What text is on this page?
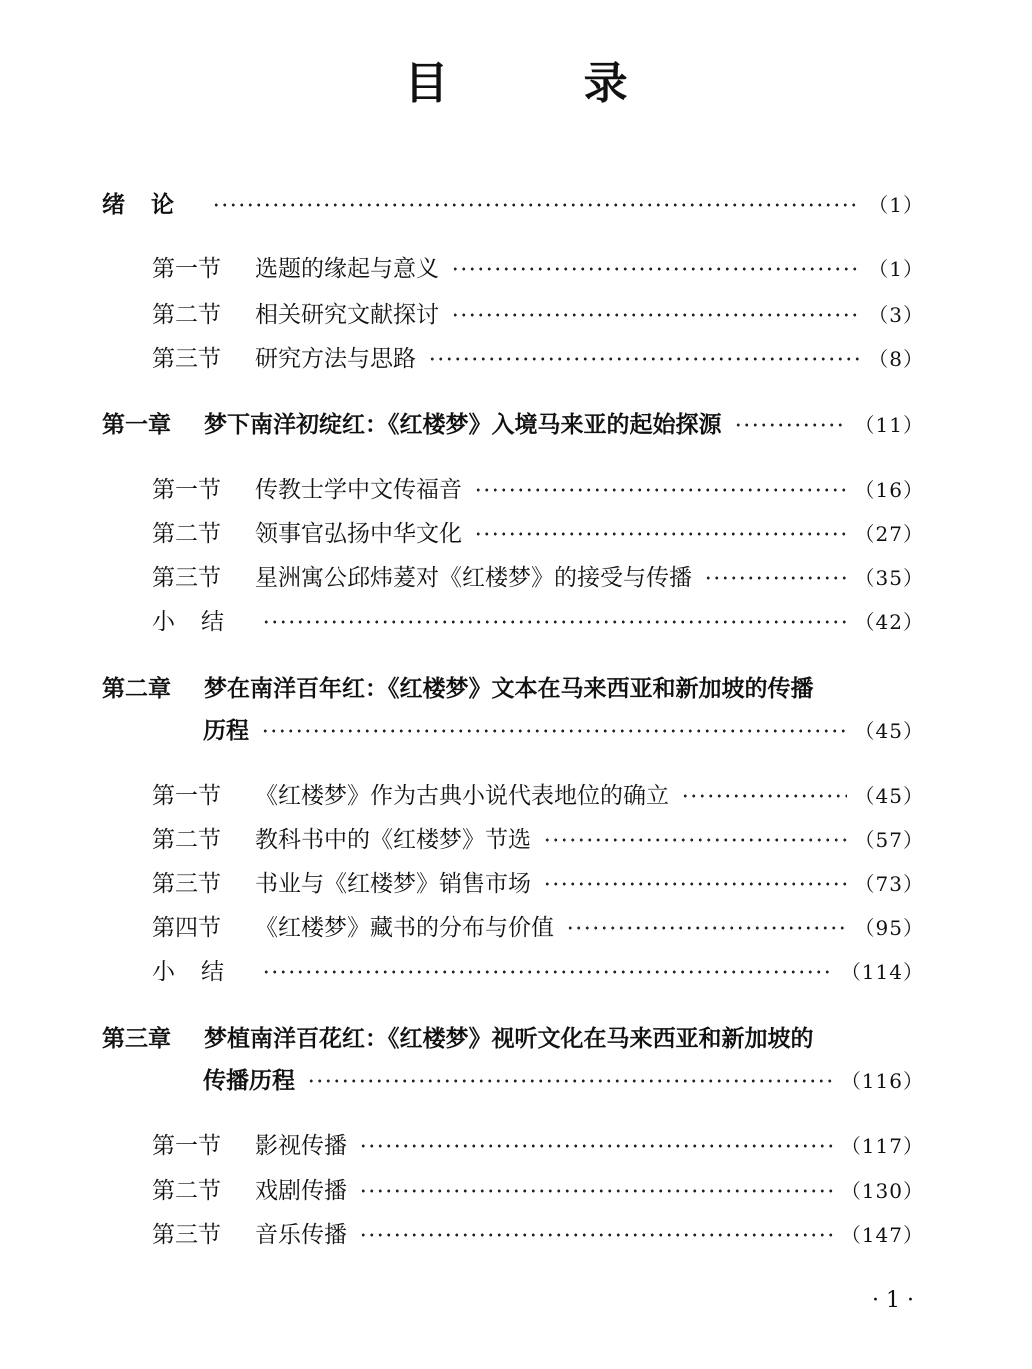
目 录
绪论	（1）
第一节	选题的缘起与意义	（1）
第二节	相关研究文献探讨	（3）
第三节	研究方法与思路	（8）
第一章	梦下南洋初绽红：《红楼梦》入境马来亚的起始探源	（11）
第一节	传教士学中文传福音	（16）
第二节	领事官弘扬中华文化	（27）
第三节	星洲寓公邱炜萲对《红楼梦》的接受与传播	（35）
小结	（42）
第二章	梦在南洋百年红：《红楼梦》文本在马来西亚和新加坡的传播
历程	（45）
第一节	《红楼梦》作为古典小说代表地位的确立	（45）
第二节	教科书中的《红楼梦》节选	（57）
第三节	书业与《红楼梦》销售市场	（73）
第四节	《红楼梦》藏书的分布与价值	（95）
小结	（114）
第三章	梦植南洋百花红：《红楼梦》视听文化在马来西亚和新加坡的
传播历程	（116）
第一节	影视传播	（117）
第二节	戏剧传播	（130）
第三节	音乐传播	（147）
· 1 ·
